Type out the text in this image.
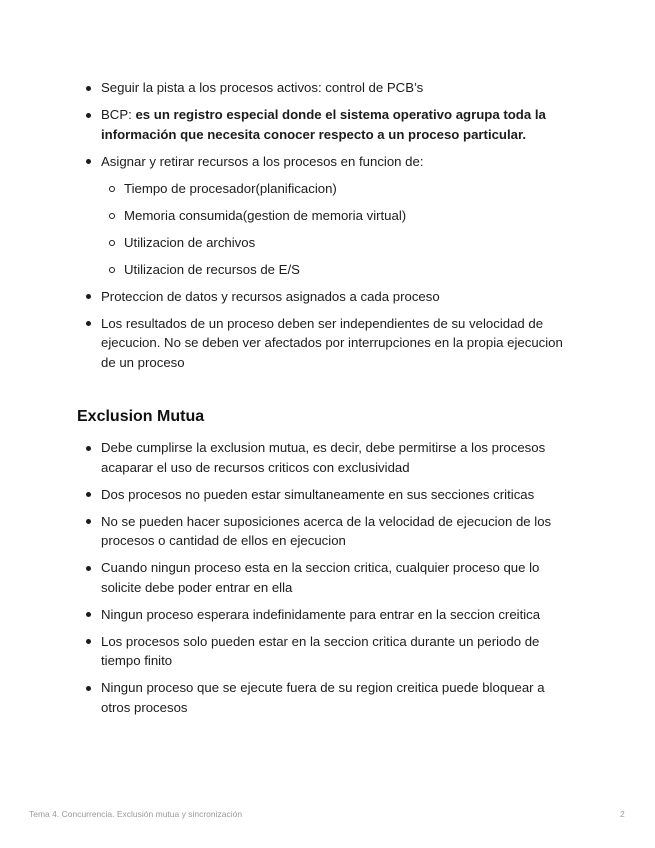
Seguir la pista a los procesos activos: control de PCB’s
BCP: es un registro especial donde el sistema operativo agrupa toda la información que necesita conocer respecto a un proceso particular.
Asignar y retirar recursos a los procesos en funcion de:
Tiempo de procesador(planificacion)
Memoria consumida(gestion de memoria virtual)
Utilizacion de archivos
Utilizacion de recursos de E/S
Proteccion de datos y recursos asignados a cada proceso
Los resultados de un proceso deben ser independientes de su velocidad de ejecucion. No se deben ver afectados por interrupciones en la propia ejecucion de un proceso
Exclusion Mutua
Debe cumplirse la exclusion mutua, es decir, debe permitirse a los procesos acaparar el uso de recursos criticos con exclusividad
Dos procesos no pueden estar simultaneamente en sus secciones criticas
No se pueden hacer suposiciones acerca de la velocidad de ejecucion de los procesos o cantidad de ellos en ejecucion
Cuando ningun proceso esta en la seccion critica, cualquier proceso que lo solicite debe poder entrar en ella
Ningun proceso esperara indefinidamente para entrar en la seccion creitica
Los procesos solo pueden estar en la seccion critica durante un periodo de tiempo finito
Ningun proceso que se ejecute fuera de su region creitica puede bloquear a otros procesos
Tema 4. Concurrencia. Exclusión mutua y sincronización	2
